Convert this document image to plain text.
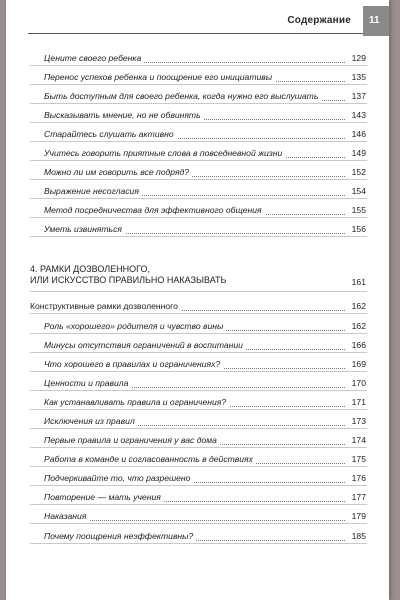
Содержание	11
Цените своего ребенка	129
Перенос успехов ребенка и поощрение его инициативы	135
Быть доступным для своего ребенка, когда нужно его выслушать	137
Высказывать мнение, но не обвинять	143
Старайтесь слушать активно	146
Учитесь говорить приятные слова в повседневной жизни	149
Можно ли им говорить все подряд?	152
Выражение несогласия	154
Метод посредничества для эффективного общения	155
Уметь извиняться	156
4. РАМКИ ДОЗВОЛЕННОГО,
ИЛИ ИСКУССТВО ПРАВИЛЬНО НАКАЗЫВАТЬ	161
Конструктивные рамки дозволенного	162
Роль «хорошего» родителя и чувство вины	162
Минусы отсутствия ограничений в воспитании	166
Что хорошего в правилах и ограничениях?	169
Ценности и правила	170
Как устанавливать правила и ограничения?	171
Исключения из правил	173
Первые правила и ограничения у вас дома	174
Работа в команде и согласованность в действиях	175
Подчеркивайте то, что разрешено	176
Повторение — мать учения	177
Наказания	179
Почему поощрения неэффективны?	185
